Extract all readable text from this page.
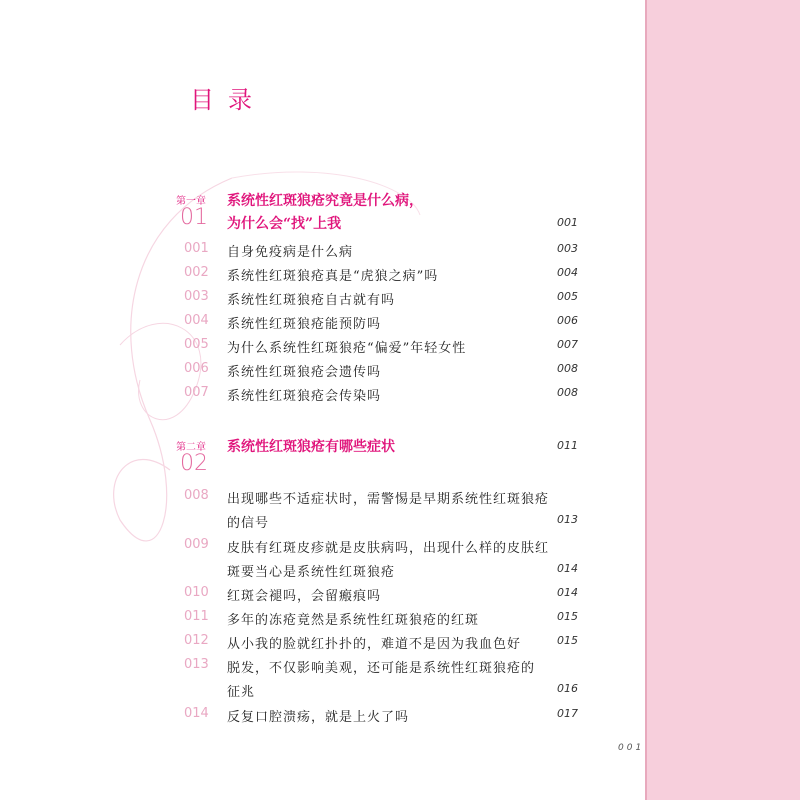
目录
第一章
01
系统性红斑狼疮究竟是什么病，
为什么会“找”上我	001
001	自身免疫病是什么病	003
002	系统性红斑狼疮真是“虎狼之病”吗	004
003	系统性红斑狼疮自古就有吗	005
004	系统性红斑狼疮能预防吗	006
005	为什么系统性红斑狼疮“偏爱”年轻女性	007
006	系统性红斑狼疮会遗传吗	008
007	系统性红斑狼疮会传染吗	008
第二章
02
系统性红斑狼疮有哪些症状	011
008	出现哪些不适症状时，需警惕是早期系统性红斑狼疮
的信号	013
009	皮肤有红斑皮疹就是皮肤病吗，出现什么样的皮肤红
斑要当心是系统性红斑狼疮	014
010	红斑会褪吗，会留瘢痕吗	014
011	多年的冻疮竟然是系统性红斑狼疮的红斑	015
012	从小我的脸就红扑扑的，难道不是因为我血色好	015
013	脱发，不仅影响美观，还可能是系统性红斑狼疮的
征兆	016
014	反复口腔溃疡，就是上火了吗	017
001
